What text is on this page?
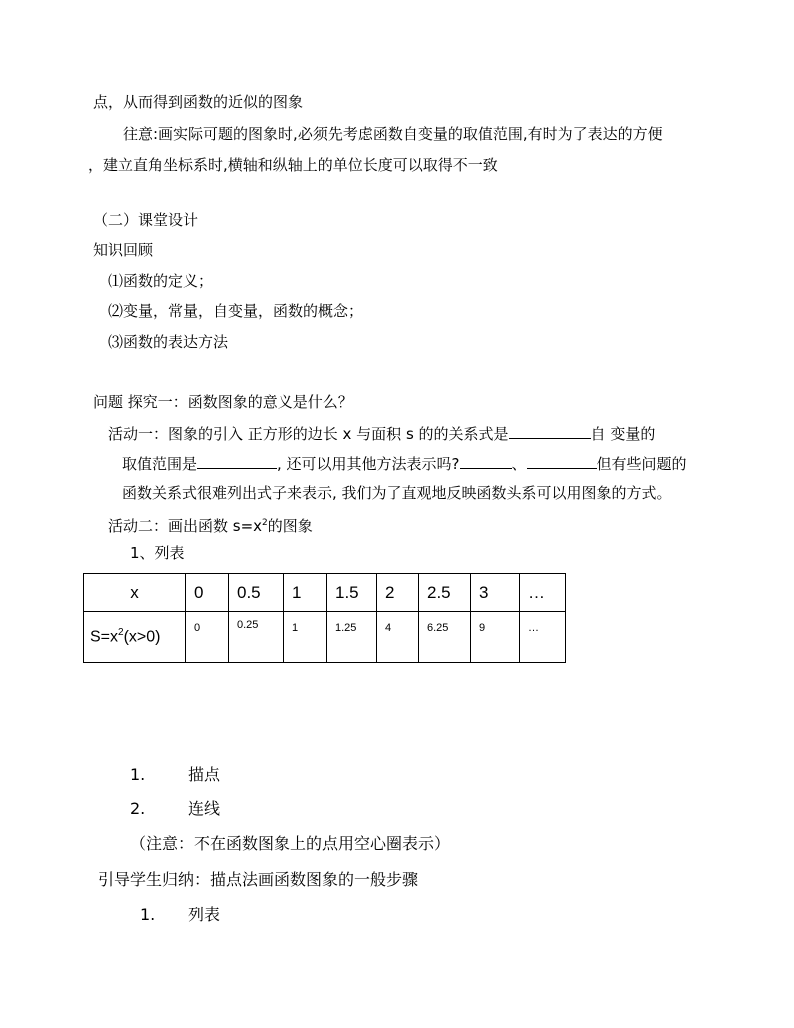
点，从而得到函数的近似的图象
往意:画实际可题的图象时,必须先考虑函数自变量的取值范围,有时为了表达的方便
，建立直角坐标系时,横轴和纵轴上的单位长度可以取得不一致
（二）课堂设计
知识回顾
⑴函数的定义；
⑵变量，常量，自变量，函数的概念；
⑶函数的表达方法
问题 探究一：函数图象的意义是什么？
活动一：图象的引入 正方形的边长 x 与面积 s 的的关系式是	自 变量的
取值范围是	, 还可以用其他方法表示吗?	、	但有些问题的
函数关系式很难列出式子来表示, 我们为了直观地反映函数头系可以用图象的方式。
活动二：画出函数 $s=x^2$的图象
1、列表
x	0	0.5	1	1.5	2	2.5	3	…
$S=x^2(x>0)$	0	0.25	1	1.25	4	6.25	9	…
1.	描点
2.	连线
（注意：不在函数图象上的点用空心圈表示）
引导学生归纳：描点法画函数图象的一般步骤
1. 列表
